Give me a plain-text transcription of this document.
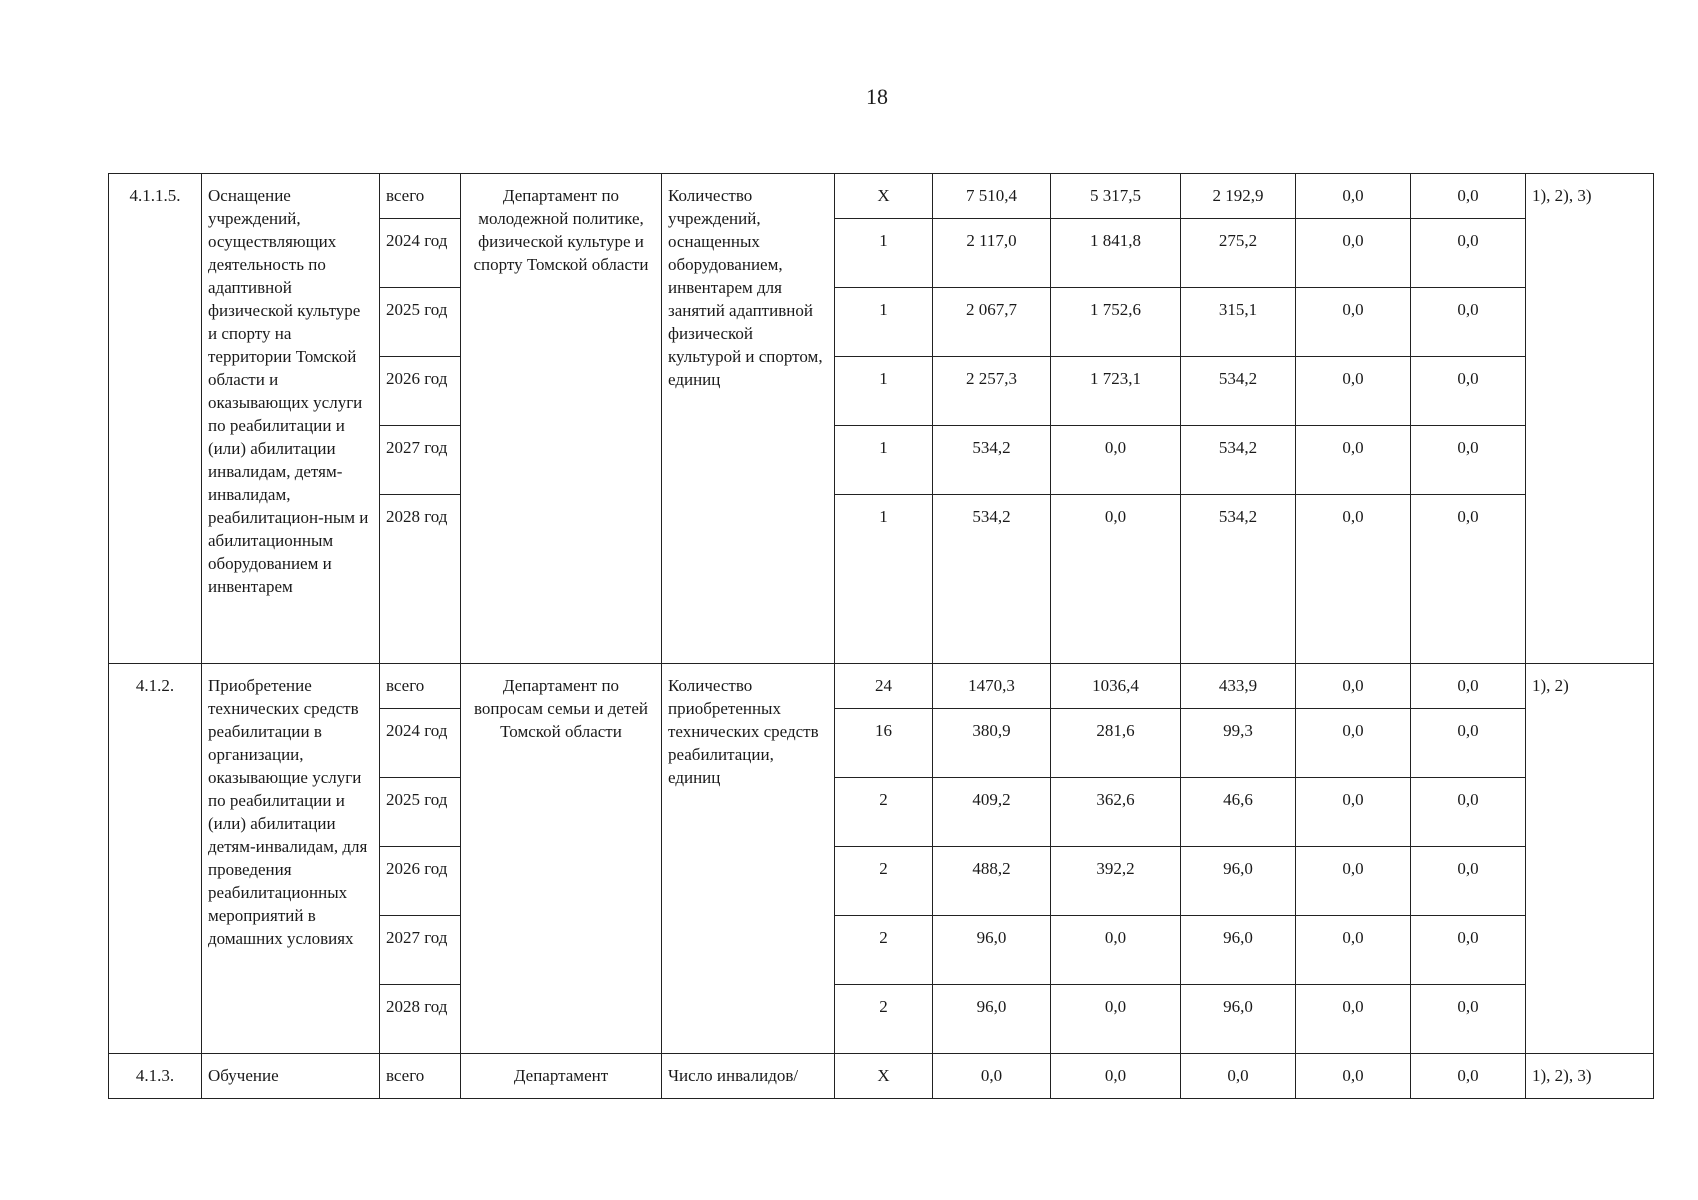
18
4.1.1.5.	Оснащение учреждений, осуществляющих деятельность по адаптивной физической культуре и спорту на территории Томской области и оказывающих услуги по реабилитации и (или) абилитации инвалидам, детям-инвалидам, реабилитацион-ным и абилитационным оборудованием и инвентарем	всего	Департамент по молодежной политике, физической культуре и спорту Томской области	Количество учреждений, оснащенных оборудованием, инвентарем для занятий адаптивной физической культурой и спортом, единиц	Х	7 510,4	5 317,5	2 192,9	0,0	0,0	1), 2), 3)
		2024 год			1	2 117,0	1 841,8	275,2	0,0	0,0	
		2025 год			1	2 067,7	1 752,6	315,1	0,0	0,0	
		2026 год			1	2 257,3	1 723,1	534,2	0,0	0,0	
		2027 год			1	534,2	0,0	534,2	0,0	0,0	
		2028 год			1	534,2	0,0	534,2	0,0	0,0	
4.1.2.	Приобретение технических средств реабилитации в организации, оказывающие услуги по реабилитации и (или) абилитации детям-инвалидам, для проведения реабилитационных мероприятий в домашних условиях	всего	Департамент по вопросам семьи и детей Томской области	Количество приобретенных технических средств реабилитации, единиц	24	1470,3	1036,4	433,9	0,0	0,0	1), 2)
		2024 год			16	380,9	281,6	99,3	0,0	0,0	
		2025 год			2	409,2	362,6	46,6	0,0	0,0	
		2026 год			2	488,2	392,2	96,0	0,0	0,0	
		2027 год			2	96,0	0,0	96,0	0,0	0,0	
		2028 год			2	96,0	0,0	96,0	0,0	0,0	
4.1.3.	Обучение	всего	Департамент	Число инвалидов/	Х	0,0	0,0	0,0	0,0	0,0	1), 2), 3)
